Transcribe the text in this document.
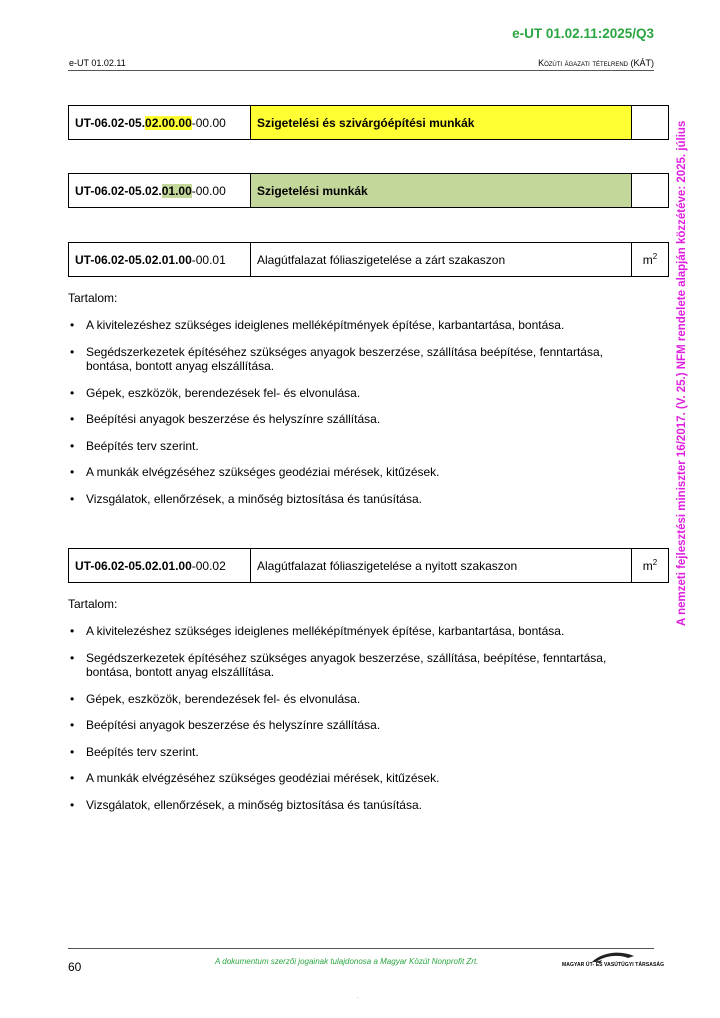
e-UT 01.02.11:2025/Q3
e-UT 01.02.11	Közúti ágazati tételrend (KÁT)
A nemzeti fejlesztési miniszter 16/2017. (V. 25.) NFM rendelete alapján közzétéve: 2025. július
UT-06.02-05.02.00.00-00.00	Szigetelési és szivárgóépítési munkák	
UT-06.02-05.02.01.00-00.00	Szigetelési munkák	
UT-06.02-05.02.01.00-00.01	Alagútfalazat fóliaszigetelése a zárt szakaszon	$m^2$
Tartalom:
• A kivitelezéshez szükséges ideiglenes melléképítmények építése, karbantartása, bontása.
• Segédszerkezetek építéséhez szükséges anyagok beszerzése, szállítása beépítése, fenntartása, bontása, bontott anyag elszállítása.
• Gépek, eszközök, berendezések fel- és elvonulása.
• Beépítési anyagok beszerzése és helyszínre szállítása.
• Beépítés terv szerint.
• A munkák elvégzéséhez szükséges geodéziai mérések, kitűzések.
• Vizsgálatok, ellenőrzések, a minőség biztosítása és tanúsítása.
UT-06.02-05.02.01.00-00.02	Alagútfalazat fóliaszigetelése a nyitott szakaszon	$m^2$
Tartalom:
• A kivitelezéshez szükséges ideiglenes melléképítmények építése, karbantartása, bontása.
• Segédszerkezetek építéséhez szükséges anyagok beszerzése, szállítása, beépítése, fenntartása, bontása, bontott anyag elszállítása.
• Gépek, eszközök, berendezések fel- és elvonulása.
• Beépítési anyagok beszerzése és helyszínre szállítása.
• Beépítés terv szerint.
• A munkák elvégzéséhez szükséges geodéziai mérések, kitűzések.
• Vizsgálatok, ellenőrzések, a minőség biztosítása és tanúsítása.
60	A dokumentum szerzői jogainak tulajdonosa a Magyar Közút Nonprofit Zrt.	MAGYAR ÚT- ÉS VASÚTÜGYI TÁRSASÁG
.
